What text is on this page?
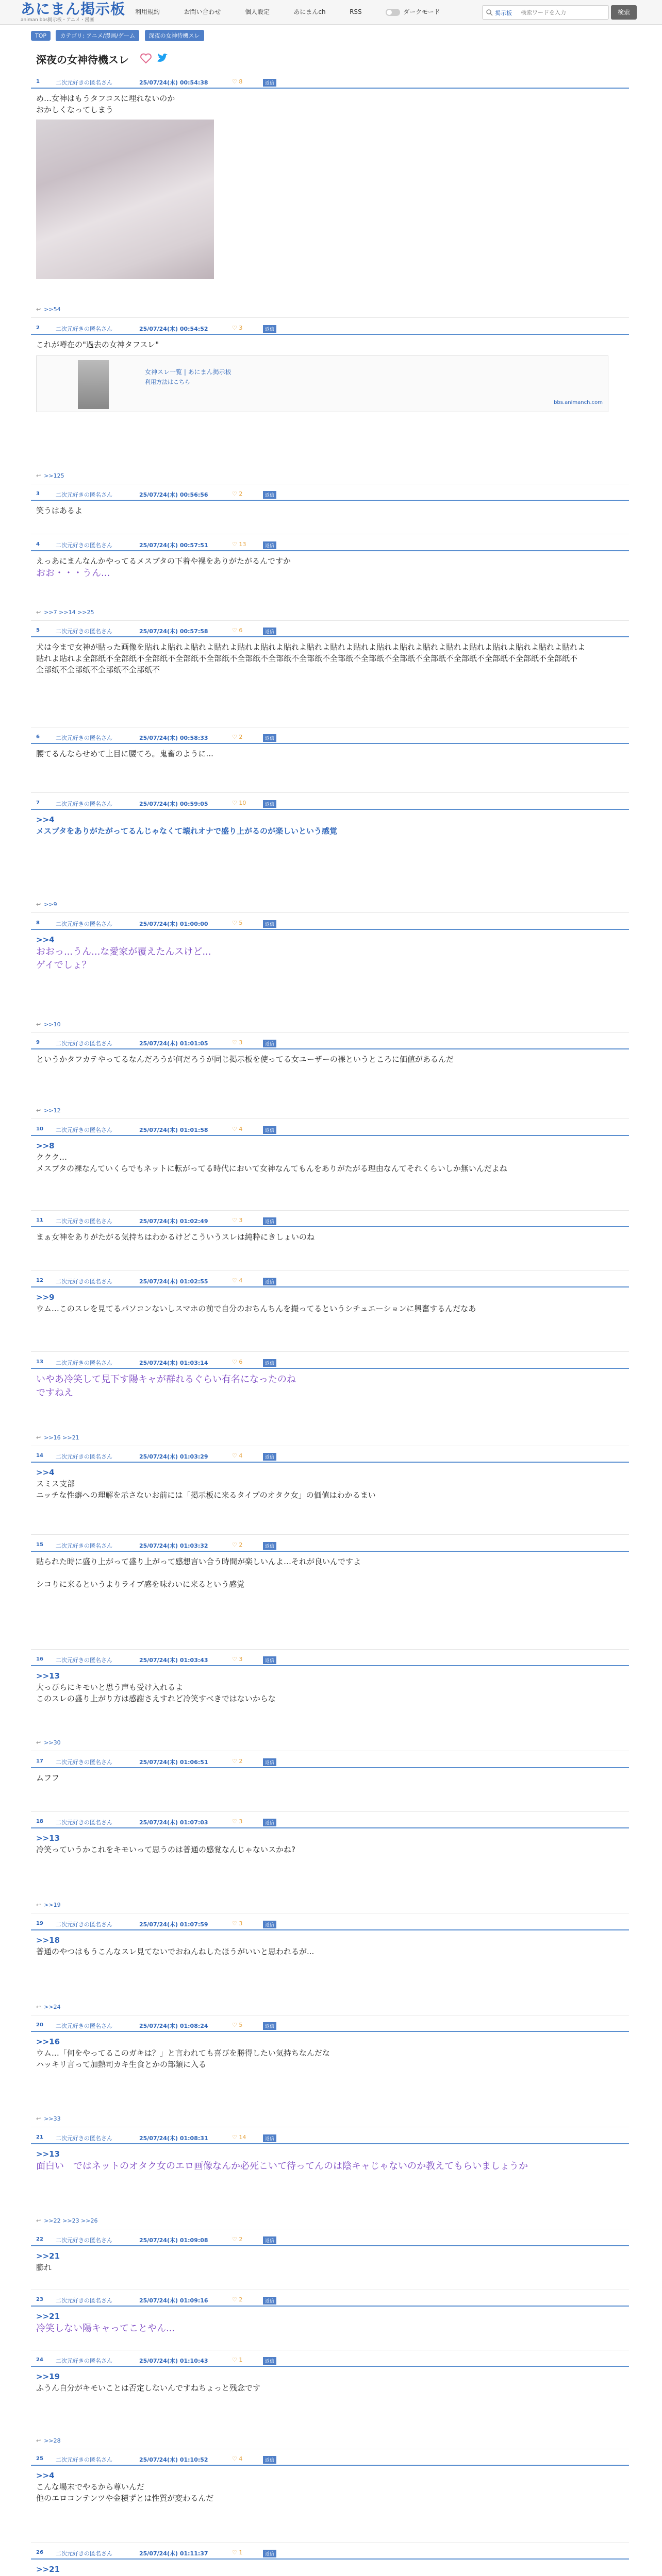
あにまん掲示板
animan bbs掲示板・アニメ・漫画
利用規約	お問い合わせ	個人設定	あにまんch	RSS	ダークモード	掲示板
検索ワードを入力	検索
TOP カテゴリ: アニメ/漫画/ゲーム 深夜の女神待機スレ
深夜の女神待機スレ
1	二次元好きの匿名さん	25/07/24(木) 00:54:38	♡ 8	返信
め…女神はもうタフコスに埋れないのか
おかしくなってしまう
↩ >>54
2	二次元好きの匿名さん	25/07/24(木) 00:54:52	♡ 3	返信
これが噂在の"過去の女神タフスレ"
女神スレ一覧 | あにまん掲示板
利用方法はこちら
bbs.animanch.com
↩ >>125
3	二次元好きの匿名さん	25/07/24(木) 00:56:56	♡ 2	返信
笑うはあるよ
4	二次元好きの匿名さん	25/07/24(木) 00:57:51	♡ 13	返信
えっあにまんなんかやってるメスブタの下着や裸をありがたがるんですか
おお・・・うん...
↩ >>7 >>14 >>25
5	二次元好きの匿名さん	25/07/24(木) 00:57:58	♡ 6	返信
犬は今まで女神が貼った画像を貼れよ貼れよ貼れよ貼れよ貼れよ貼れよ貼れよ貼れよ貼れよ貼れよ貼れよ貼れよ貼れよ貼れよ貼れよ貼れよ貼れよ貼れよ貼れよ
貼れよ貼れよ全部纸不全部纸不全部纸不全部纸不全部纸不全部纸不全部纸不全部纸不全部纸不全部纸不全部纸不全部纸不全部纸不全部纸不全部纸不全部纸不
全部纸不全部纸不全部纸不全部纸不
6	二次元好きの匿名さん	25/07/24(木) 00:58:33	♡ 2	返信
腰てるんならせめて上目に腰てろ。鬼畜のように...
7	二次元好きの匿名さん	25/07/24(木) 00:59:05	♡ 10	返信
>>4
メスブタをありがたがってるんじゃなくて壊れオナで盛り上がるのが楽しいという感覚
↩ >>9
8	二次元好きの匿名さん	25/07/24(木) 01:00:00	♡ 5	返信
>>4
おおっ...うん...な愛家が覆えたんスけど...
ゲイでしょ？
↩ >>10
9	二次元好きの匿名さん	25/07/24(木) 01:01:05	♡ 3	返信
というかタフカテやってるなんだろうが何だろうが同じ掲示板を使ってる女ユーザーの裸というところに価値があるんだ
↩ >>12
10 二次元好きの匿名さん	25/07/24(木) 01:01:58	♡ 4	返信
>>8
ククク…
メスブタの裸なんていくらでもネットに転がってる時代において女神なんてもんをありがたがる理由なんてそれくらいしか無いんだよね
11 二次元好きの匿名さん	25/07/24(木) 01:02:49	♡ 3	返信
まぁ女神をありがたがる気持ちはわかるけどこういうスレは純粋にきしょいのね
12 二次元好きの匿名さん	25/07/24(木) 01:02:55	♡ 4	返信
>>9
ウム…このスレを見てるパソコンないしスマホの前で自分のおちんちんを撮ってるというシチュエーションに興奮するんだなあ
13 二次元好きの匿名さん	25/07/24(木) 01:03:14	♡ 6	返信
いやあ冷笑して見下す陽キャが群れるぐらい有名になったのね
ですねえ
↩ >>16 >>21
14 二次元好きの匿名さん	25/07/24(木) 01:03:29	♡ 4	返信
>>4
スミス支部
ニッチな性癖への理解を示さないお前には「掲示板に来るタイプのオタク女」の価値はわかるまい
15 二次元好きの匿名さん	25/07/24(木) 01:03:32	♡ 2	返信
貼られた時に盛り上がって盛り上がって感想言い合う時間が楽しいんよ…それが良いんですよ
シコりに来るというよりライブ感を味わいに来るという感覚
16 二次元好きの匿名さん	25/07/24(木) 01:03:43	♡ 3	返信
>>13
大っぴらにキモいと思う声も受け入れるよ
このスレの盛り上がり方は感謝さえすれど冷笑すべきではないからな
↩ >>30
17 二次元好きの匿名さん	25/07/24(木) 01:06:51	♡ 2	返信
ムフフ
18 二次元好きの匿名さん	25/07/24(木) 01:07:03	♡ 3	返信
>>13
冷笑っていうかこれをキモいって思うのは普通の感覚なんじゃないスかね?
↩ >>19
19 二次元好きの匿名さん	25/07/24(木) 01:07:59	♡ 3	返信
>>18
普通のやつはもうこんなスレ見てないでおねんねしたほうがいいと思われるが...
↩ >>24
20 二次元好きの匿名さん	25/07/24(木) 01:08:24	♡ 5	返信
>>16
ウム…「何をやってるこのガキは？」と言われても喜びを勝得したい気持ちなんだな
ハッキリ言って加熱司カキ生食とかの部類に入る
↩ >>33
21 二次元好きの匿名さん	25/07/24(木) 01:08:31	♡ 14	返信
>>13
面白い　ではネットのオタク女のエロ画像なんか必死こいて待ってんのは陰キャじゃないのか教えてもらいましょうか
↩ >>22 >>23 >>26
22 二次元好きの匿名さん	25/07/24(木) 01:09:08	♡ 2	返信
>>21
膨れ
23 二次元好きの匿名さん	25/07/24(木) 01:09:16	♡ 2	返信
>>21
冷笑しない陽キャってことやん...
24 二次元好きの匿名さん	25/07/24(木) 01:10:43	♡ 1	返信
>>19
ふうん自分がキモいことは否定しないんですねちょっと残念です
↩ >>28
25 二次元好きの匿名さん	25/07/24(木) 01:10:52	♡ 4	返信
>>4
こんな場末でやるから尊いんだ
他のエロコンテンツや金積ずとは性質が変わるんだ
26 二次元好きの匿名さん	25/07/24(木) 01:11:37	♡ 1	返信
>>21
